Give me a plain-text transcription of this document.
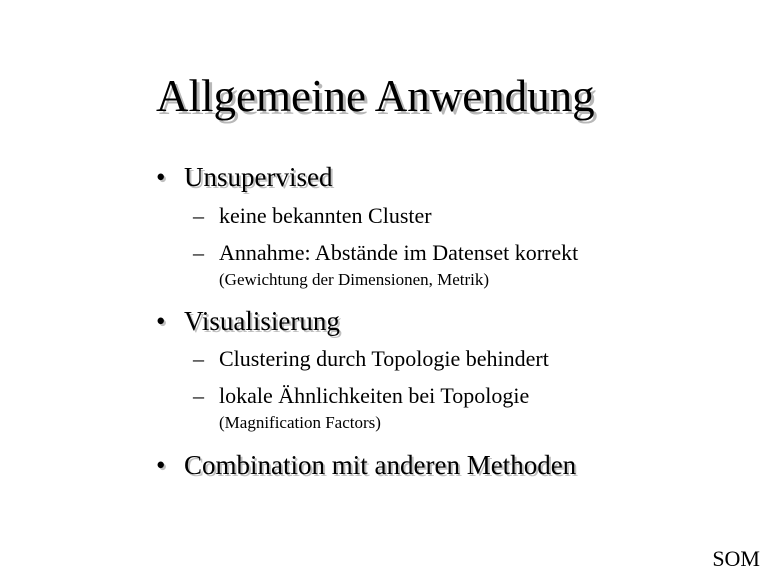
Allgemeine Anwendung
• Unsupervised
– keine bekannten Cluster
– Annahme: Abstände im Datenset korrekt
(Gewichtung der Dimensionen, Metrik)
• Visualisierung
– Clustering durch Topologie behindert
– lokale Ähnlichkeiten bei Topologie
(Magnification Factors)
• Combination mit anderen Methoden
SOM
